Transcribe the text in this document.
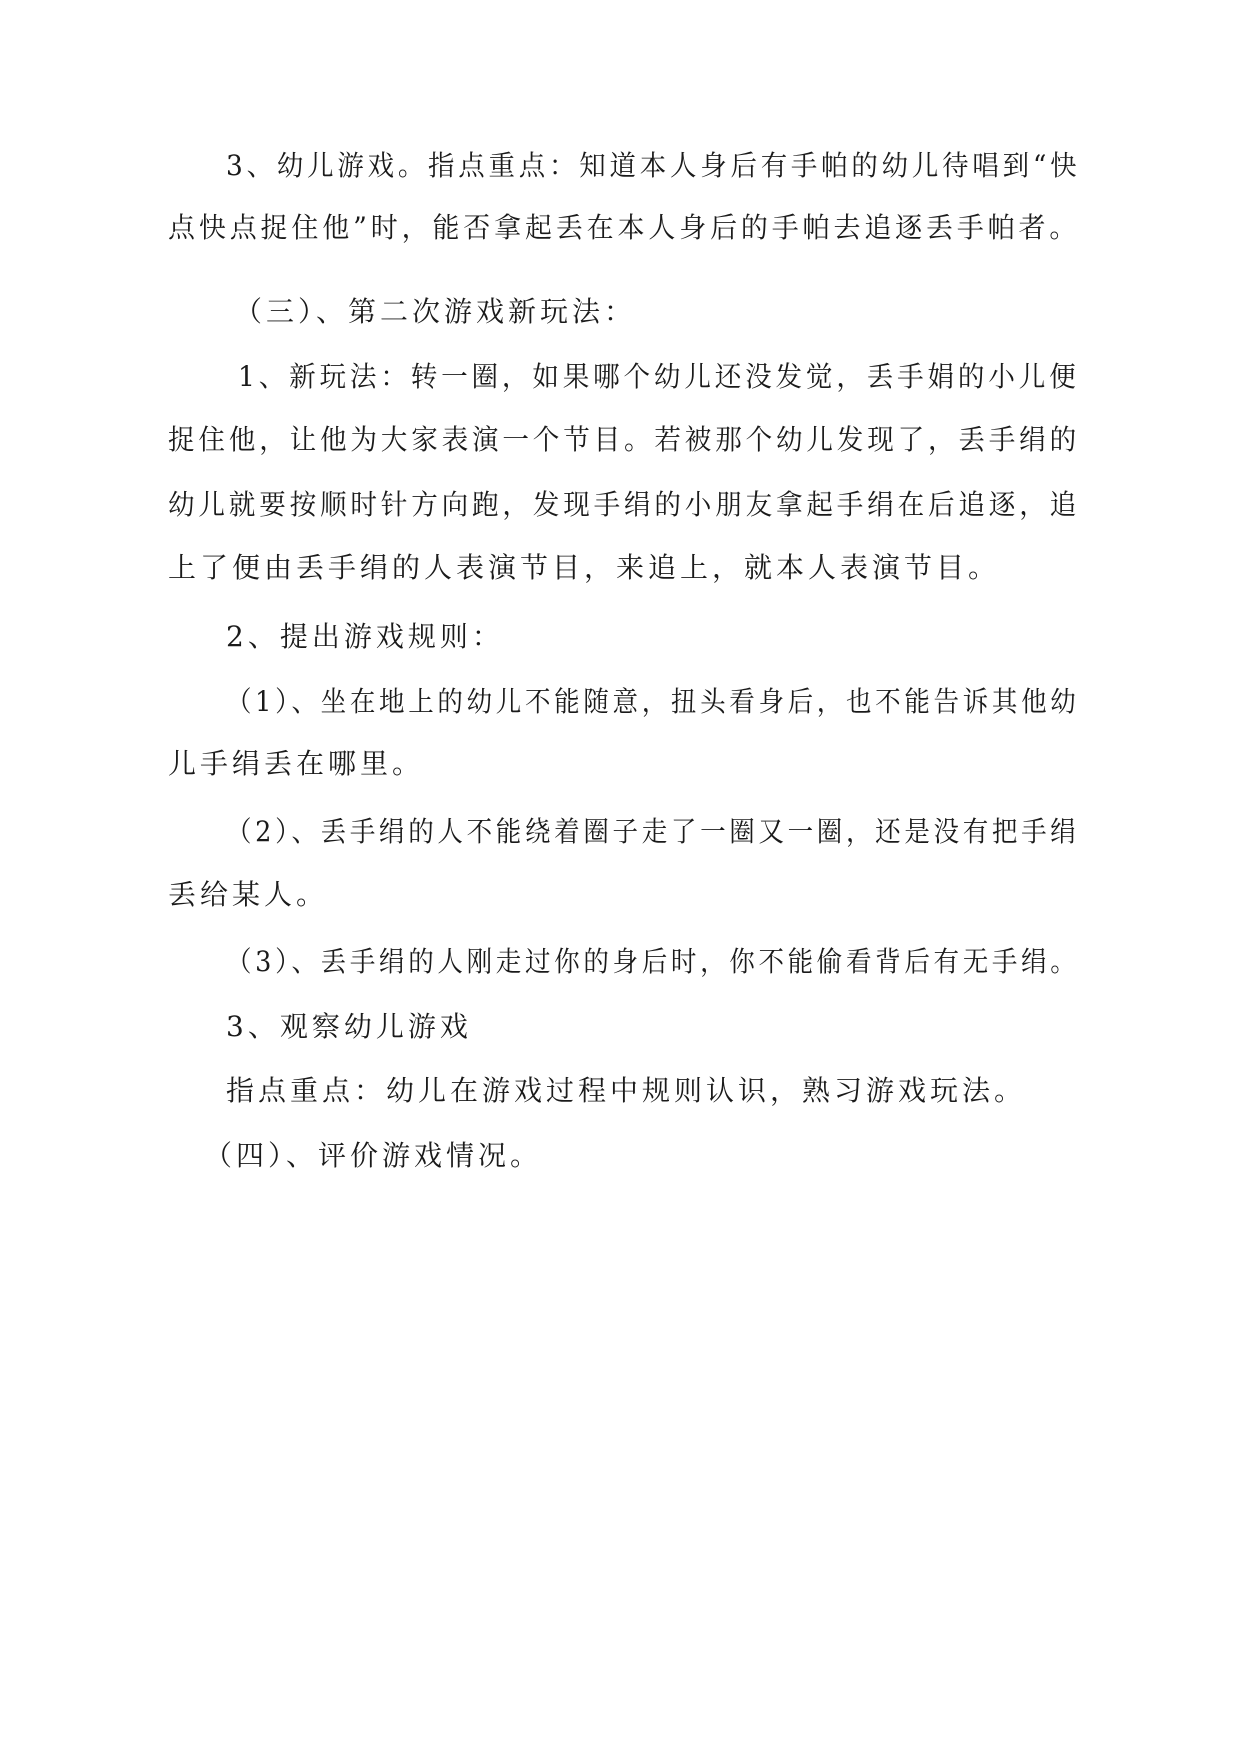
3、幼儿游戏。指点重点：知道本人身后有手帕的幼儿待唱到“快
点快点捉住他”时，能否拿起丢在本人身后的手帕去追逐丢手帕者。
（三）、第二次游戏新玩法：
1、新玩法：转一圈，如果哪个幼儿还没发觉，丢手娟的小儿便
捉住他，让他为大家表演一个节目。若被那个幼儿发现了，丢手绢的
幼儿就要按顺时针方向跑，发现手绢的小朋友拿起手绢在后追逐，追
上了便由丢手绢的人表演节目，来追上，就本人表演节目。
2、提出游戏规则：
（1）、坐在地上的幼儿不能随意，扭头看身后，也不能告诉其他幼
儿手绢丢在哪里。
（2）、丢手绢的人不能绕着圈子走了一圈又一圈，还是没有把手绢
丢给某人。
（3）、丢手绢的人刚走过你的身后时，你不能偷看背后有无手绢。
3、观察幼儿游戏
指点重点：幼儿在游戏过程中规则认识，熟习游戏玩法。
（四）、评价游戏情况。
